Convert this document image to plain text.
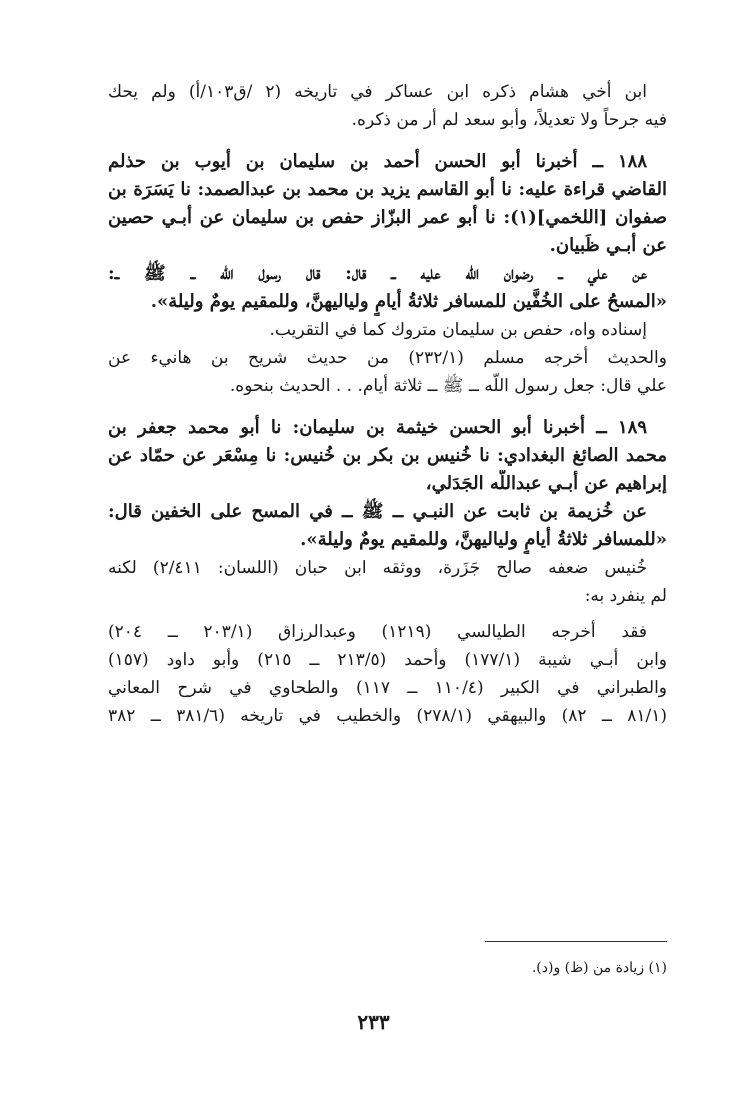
ابن أخي هشام ذكره ابن عساكر في تاريخه (٢ /ق١٠٣/أ) ولم يحك
فيه جرحاً ولا تعديلاً، وأبو سعد لم أر من ذكره.
١٨٨ ــ أخبرنا أبو الحسن أحمد بن سليمان بن أيوب بن حذلم
القاضي قراءة عليه: نا أبو القاسم يزيد بن محمد بن عبدالصمد: نا يَسَرَة بن
صفوان [اللخمي](١): نا أبو عمر البزّاز حفص بن سليمان عن أبـي حصين
عن أبـي ظَبيان.
عن علي ــ رضوان اللّه عليه ــ قال: قال رسول اللّه ــ ﷺ ــ:
«المسحُ على الخُفَّين للمسافر ثلاثةُ أيامٍ ولياليهنَّ، وللمقيم يومٌ وليلة».
إسناده واه، حفص بن سليمان متروك كما في التقريب.
والحديث أخرجه مسلم (٢٣٢/١) من حديث شريح بن هانيء عن
علي قال: جعل رسول اللّه ــ ﷺ ــ ثلاثة أيام. . . الحديث بنحوه.
١٨٩ ــ أخبرنا أبو الحسن خيثمة بن سليمان: نا أبو محمد جعفر بن
محمد الصائغ البغدادي: نا خُنيس بن بكر بن خُنيس: نا مِسْعَر عن حمّاد عن
إبراهيم عن أبـي عبداللّه الجَدَلي،
عن خُزيمة بن ثابت عن النبـي ــ ﷺ ــ في المسح على الخفين قال:
«للمسافر ثلاثةُ أيامٍ ولياليهنَّ، وللمقيم يومٌ وليلة».
خُنيس ضعفه صالح جَزَرة، ووثقه ابن حبان (اللسان: ٢/٤١١) لكنه
لم ينفرد به:
فقد أخرجه الطيالسي (١٢١٩) وعبدالرزاق (٢٠٣/١ ــ ٢٠٤)
وابن أبـي شيبة (١٧٧/١) وأحمد (٢١٣/٥ ــ ٢١٥) وأبو داود (١٥٧)
والطبراني في الكبير (١١٠/٤ ــ ١١٧) والطحاوي في شرح المعاني
(٨١/١ ــ ٨٢) والبيهقي (٢٧٨/١) والخطيب في تاريخه (٣٨١/٦ ــ ٣٨٢
(١) زيادة من (ظ) و(د).
٢٣٣
